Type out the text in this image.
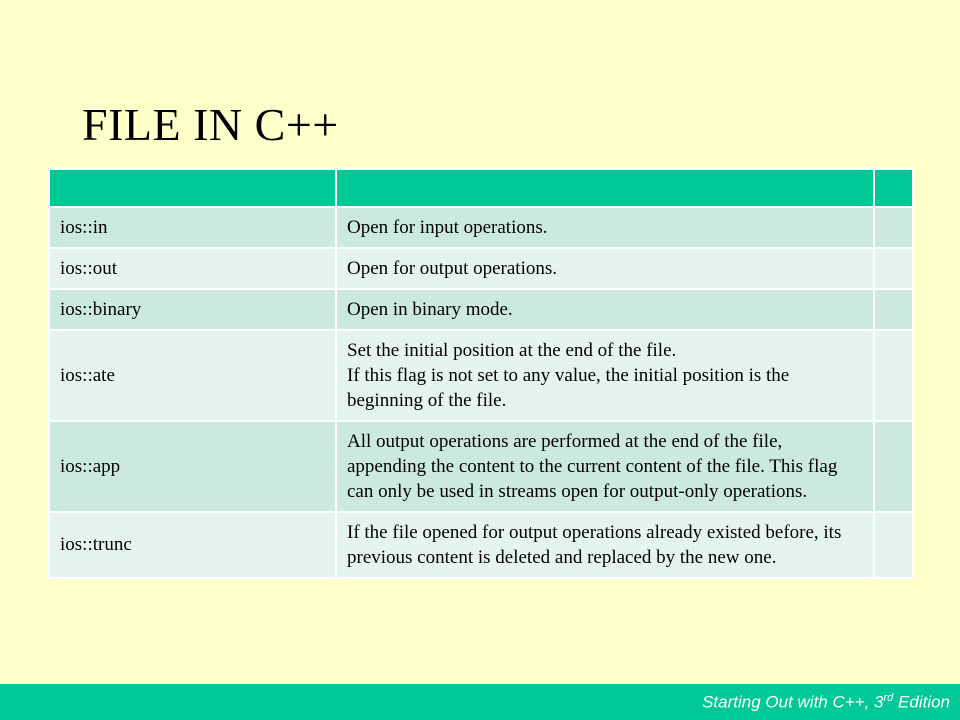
FILE IN C++

ios::in	Open for input operations.	
ios::out	Open for output operations.	
ios::binary	Open in binary mode.	
ios::ate	Set the initial position at the end of the file.
If this flag is not set to any value, the initial position is the beginning of the file.	
ios::app	All output operations are performed at the end of the file, appending the content to the current content of the file. This flag can only be used in streams open for output-only operations.	
ios::trunc	If the file opened for output operations already existed before, its previous content is deleted and replaced by the new one.	
Starting Out with C++, 3rd Edition
